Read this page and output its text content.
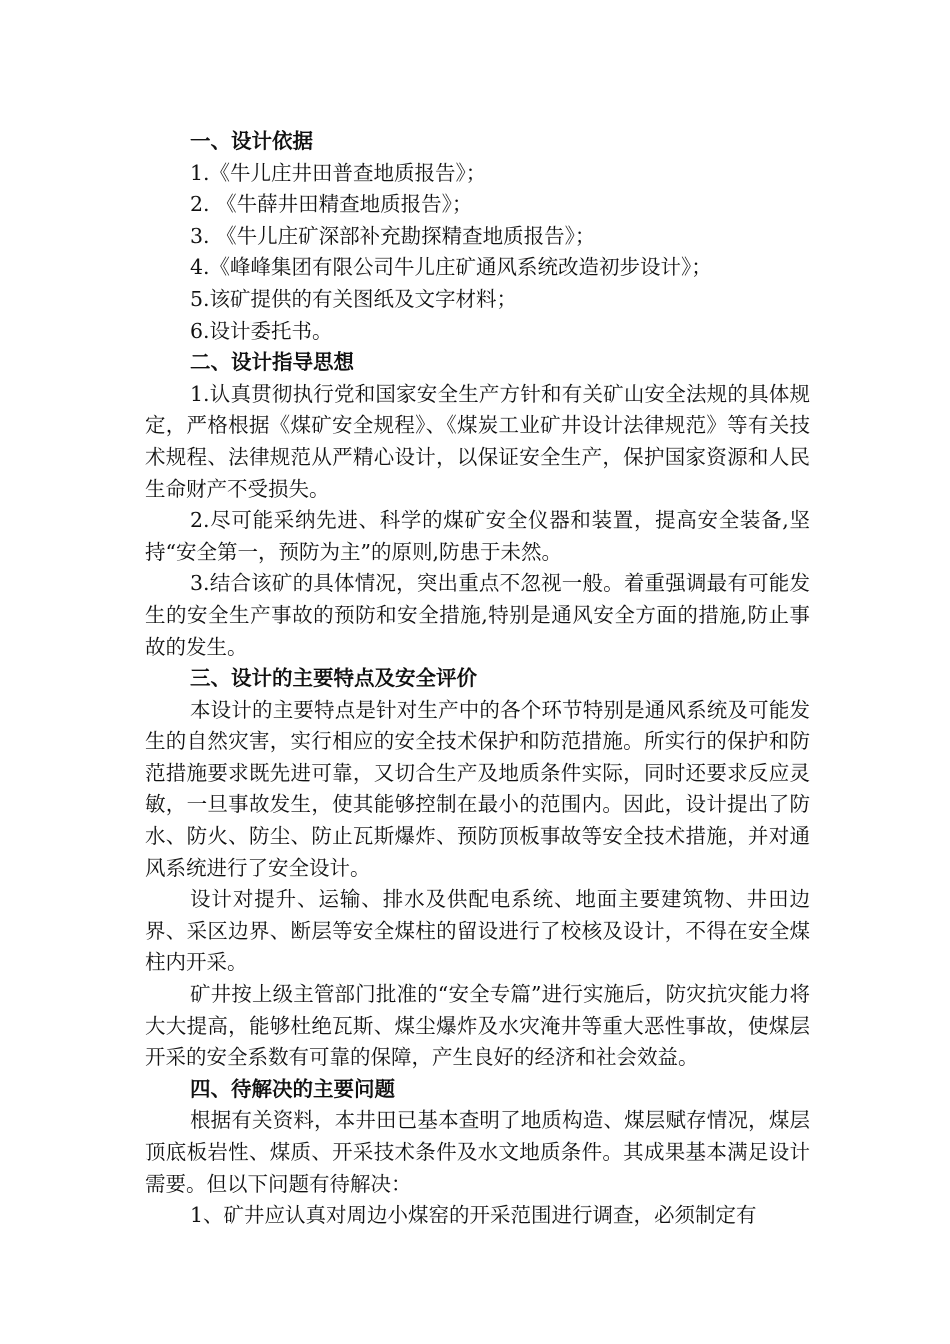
一、设计依据
1.《牛儿庄井田普查地质报告》；
2. 《牛薛井田精查地质报告》；
3. 《牛儿庄矿深部补充勘探精查地质报告》；
4.《峰峰集团有限公司牛儿庄矿通风系统改造初步设计》；
5.该矿提供的有关图纸及文字材料；
6.设计委托书。
二、设计指导思想

1.认真贯彻执行党和国家安全生产方针和有关矿山安全法规的具体规定，严格根据《煤矿安全规程》、《煤炭工业矿井设计法律规范》等有关技术规程、法律规范从严精心设计，以保证安全生产，保护国家资源和人民生命财产不受损失。

2.尽可能采纳先进、科学的煤矿安全仪器和装置，提高安全装备,坚持“安全第一，预防为主”的原则,防患于未然。

3.结合该矿的具体情况，突出重点不忽视一般。着重强调最有可能发生的安全生产事故的预防和安全措施,特别是通风安全方面的措施,防止事故的发生。

三、设计的主要特点及安全评价

本设计的主要特点是针对生产中的各个环节特别是通风系统及可能发生的自然灾害，实行相应的安全技术保护和防范措施。所实行的保护和防范措施要求既先进可靠，又切合生产及地质条件实际，同时还要求反应灵敏，一旦事故发生，使其能够控制在最小的范围内。因此，设计提出了防水、防火、防尘、防止瓦斯爆炸、预防顶板事故等安全技术措施，并对通风系统进行了安全设计。

设计对提升、运输、排水及供配电系统、地面主要建筑物、井田边界、采区边界、断层等安全煤柱的留设进行了校核及设计，不得在安全煤柱内开采。

矿井按上级主管部门批准的“安全专篇”进行实施后，防灾抗灾能力将大大提高，能够杜绝瓦斯、煤尘爆炸及水灾淹井等重大恶性事故，使煤层开采的安全系数有可靠的保障，产生良好的经济和社会效益。

四、待解决的主要问题

根据有关资料，本井田已基本查明了地质构造、煤层赋存情况，煤层顶底板岩性、煤质、开采技术条件及水文地质条件。其成果基本满足设计需要。但以下问题有待解决：

1、矿井应认真对周边小煤窑的开采范围进行调查，必须制定有
